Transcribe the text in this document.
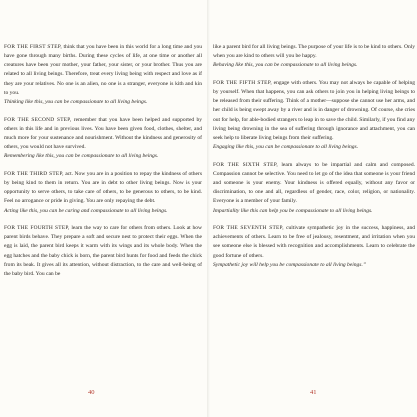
FOR THE FIRST STEP, think that you have been in this world for a long time and you have gone through many births. During these cycles of life, at one time or another all creatures have been your mother, your father, your sister, or your brother. Thus you are related to all living beings. Therefore, treat every living being with respect and love as if they are your relatives. No one is an alien, no one is a stranger, everyone is kith and kin to you.
Thinking like this, you can be compassionate to all living beings.

FOR THE SECOND STEP, remember that you have been helped and supported by others in this life and in previous lives. You have been given food, clothes, shelter, and much more for your sustenance and nourishment. Without the kindness and generosity of others, you would not have survived.
Remembering like this, you can be compassionate to all living beings.

FOR THE THIRD STEP, act. Now you are in a position to repay the kindness of others by being kind to them in return. You are in debt to other living beings. Now is your opportunity to serve others, to take care of others, to be generous to others, to be kind. Feel no arrogance or pride in giving. You are only repaying the debt.
Acting like this, you can be caring and compassionate to all living beings.

FOR THE FOURTH STEP, learn the way to care for others from others. Look at how parent birds behave. They prepare a soft and secure nest to protect their eggs. When the egg is laid, the parent bird keeps it warm with its wings and its whole body. When the egg hatches and the baby chick is born, the parent bird hunts for food and feeds the chick from its beak. It gives all its attention, without distraction, to the care and well-being of the baby bird. You can be

40

like a parent bird for all living beings. The purpose of your life is to be kind to others. Only when you are kind to others will you be happy.
Behaving like this, you can be compassionate to all living beings.

FOR THE FIFTH STEP, engage with others. You may not always be capable of helping by yourself. When that happens, you can ask others to join you in helping living beings to be released from their suffering. Think of a mother—suppose she cannot use her arms, and her child is being swept away by a river and is in danger of drowning. Of course, she cries out for help, for able-bodied strangers to leap in to save the child. Similarly, if you find any living being drowning in the sea of suffering through ignorance and attachment, you can seek help to liberate living beings from their suffering.
Engaging like this, you can be compassionate to all living beings.

FOR THE SIXTH STEP, learn always to be impartial and calm and composed. Compassion cannot be selective. You need to let go of the idea that someone is your friend and someone is your enemy. Your kindness is offered equally, without any favor or discrimination, to one and all, regardless of gender, race, color, religion, or nationality. Everyone is a member of your family.
Impartiality like this can help you be compassionate to all living beings.

FOR THE SEVENTH STEP, cultivate sympathetic joy in the success, happiness, and achievements of others. Learn to be free of jealousy, resentment, and irritation when you see someone else is blessed with recognition and accomplishments. Learn to celebrate the good fortune of others.
Sympathetic joy will help you be compassionate to all living beings.”

41
